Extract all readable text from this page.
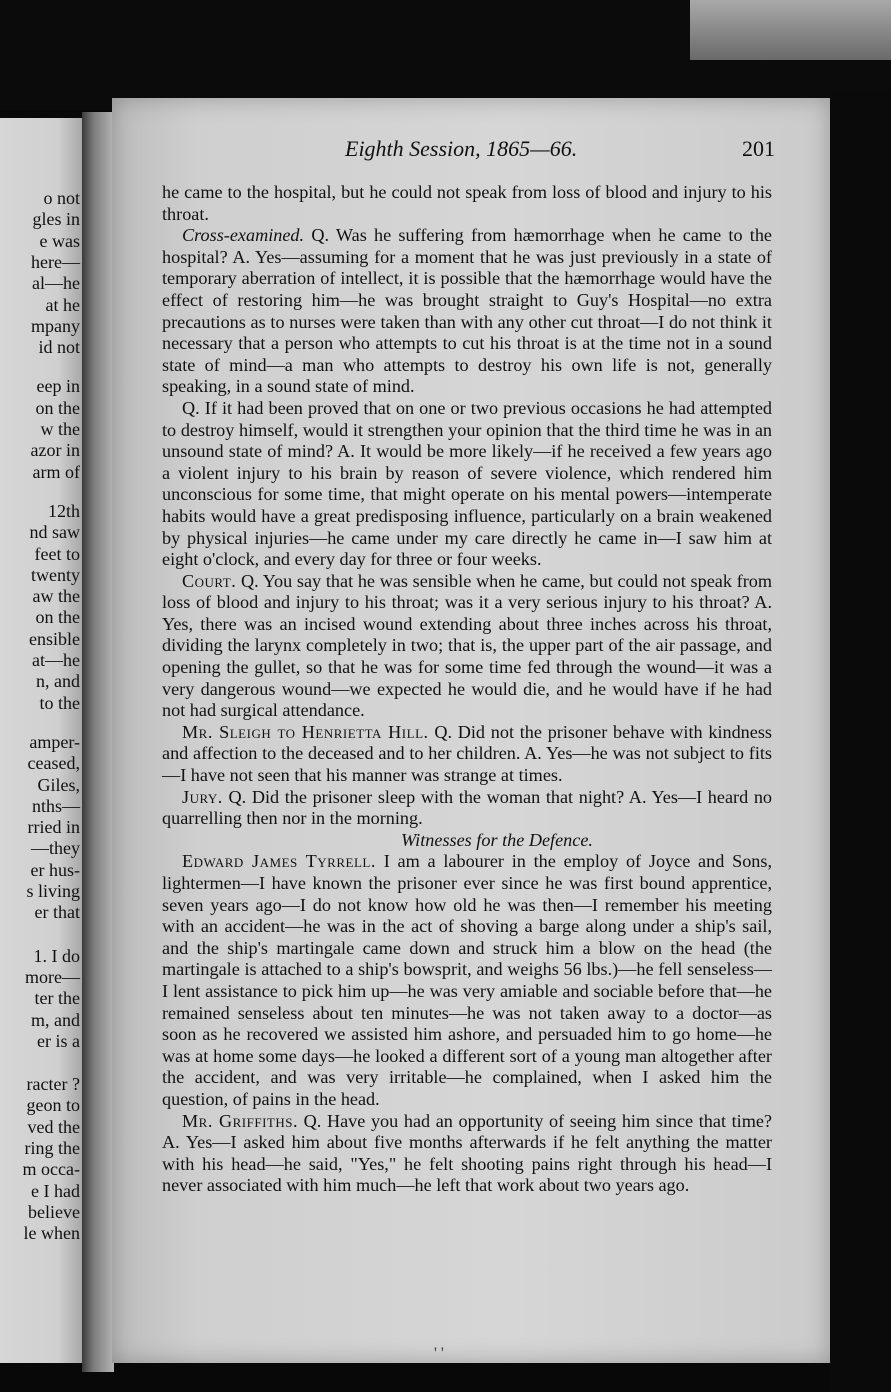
o not
gles in
e was
here—
al—he
at he
mpany
id not
eep in
on the
w the
azor in
arm of
12th
nd saw
feet to
twenty
aw the
on the
ensible
at—he
n, and
to the
amper-
ceased,
Giles,
nths—
rried in
—they
er hus-
s living
er that
1. I do
more—
ter the
m, and
er is a
racter ?
geon to
ved the
ring the
m occa-
e I had
believe
le when
Eighth Session, 1865—66.	201

he came to the hospital, but he could not speak from loss of blood and injury to his throat.

Cross-examined. Q. Was he suffering from hæmorrhage when he came to the hospital? A. Yes—assuming for a moment that he was just previously in a state of temporary aberration of intellect, it is possible that the hæmorrhage would have the effect of restoring him—he was brought straight to Guy's Hospital—no extra precautions as to nurses were taken than with any other cut throat—I do not think it necessary that a person who attempts to cut his throat is at the time not in a sound state of mind—a man who attempts to destroy his own life is not, generally speaking, in a sound state of mind.

Q. If it had been proved that on one or two previous occasions he had attempted to destroy himself, would it strengthen your opinion that the third time he was in an unsound state of mind? A. It would be more likely—if he received a few years ago a violent injury to his brain by reason of severe violence, which rendered him unconscious for some time, that might operate on his mental powers—intemperate habits would have a great predisposing influence, particularly on a brain weakened by physical injuries—he came under my care directly he came in—I saw him at eight o'clock, and every day for three or four weeks.

Court. Q. You say that he was sensible when he came, but could not speak from loss of blood and injury to his throat; was it a very serious injury to his throat? A. Yes, there was an incised wound extending about three inches across his throat, dividing the larynx completely in two; that is, the upper part of the air passage, and opening the gullet, so that he was for some time fed through the wound—it was a very dangerous wound—we expected he would die, and he would have if he had not had surgical attendance.

Mr. Sleigh to Henrietta Hill. Q. Did not the prisoner behave with kindness and affection to the deceased and to her children. A. Yes—he was not subject to fits—I have not seen that his manner was strange at times.

Jury. Q. Did the prisoner sleep with the woman that night? A. Yes—I heard no quarrelling then nor in the morning.

Witnesses for the Defence.

Edward James Tyrrell. I am a labourer in the employ of Joyce and Sons, lightermen—I have known the prisoner ever since he was first bound apprentice, seven years ago—I do not know how old he was then—I remember his meeting with an accident—he was in the act of shoving a barge along under a ship's sail, and the ship's martingale came down and struck him a blow on the head (the martingale is attached to a ship's bowsprit, and weighs 56 lbs.)—he fell senseless—I lent assistance to pick him up—he was very amiable and sociable before that—he remained senseless about ten minutes—he was not taken away to a doctor—as soon as he recovered we assisted him ashore, and persuaded him to go home—he was at home some days—he looked a different sort of a young man altogether after the accident, and was very irritable—he complained, when I asked him the question, of pains in the head.

Mr. Griffiths. Q. Have you had an opportunity of seeing him since that time? A. Yes—I asked him about five months afterwards if he felt anything the matter with his head—he said, "Yes," he felt shooting pains right through his head—I never associated with him much—he left that work about two years ago.

' '
